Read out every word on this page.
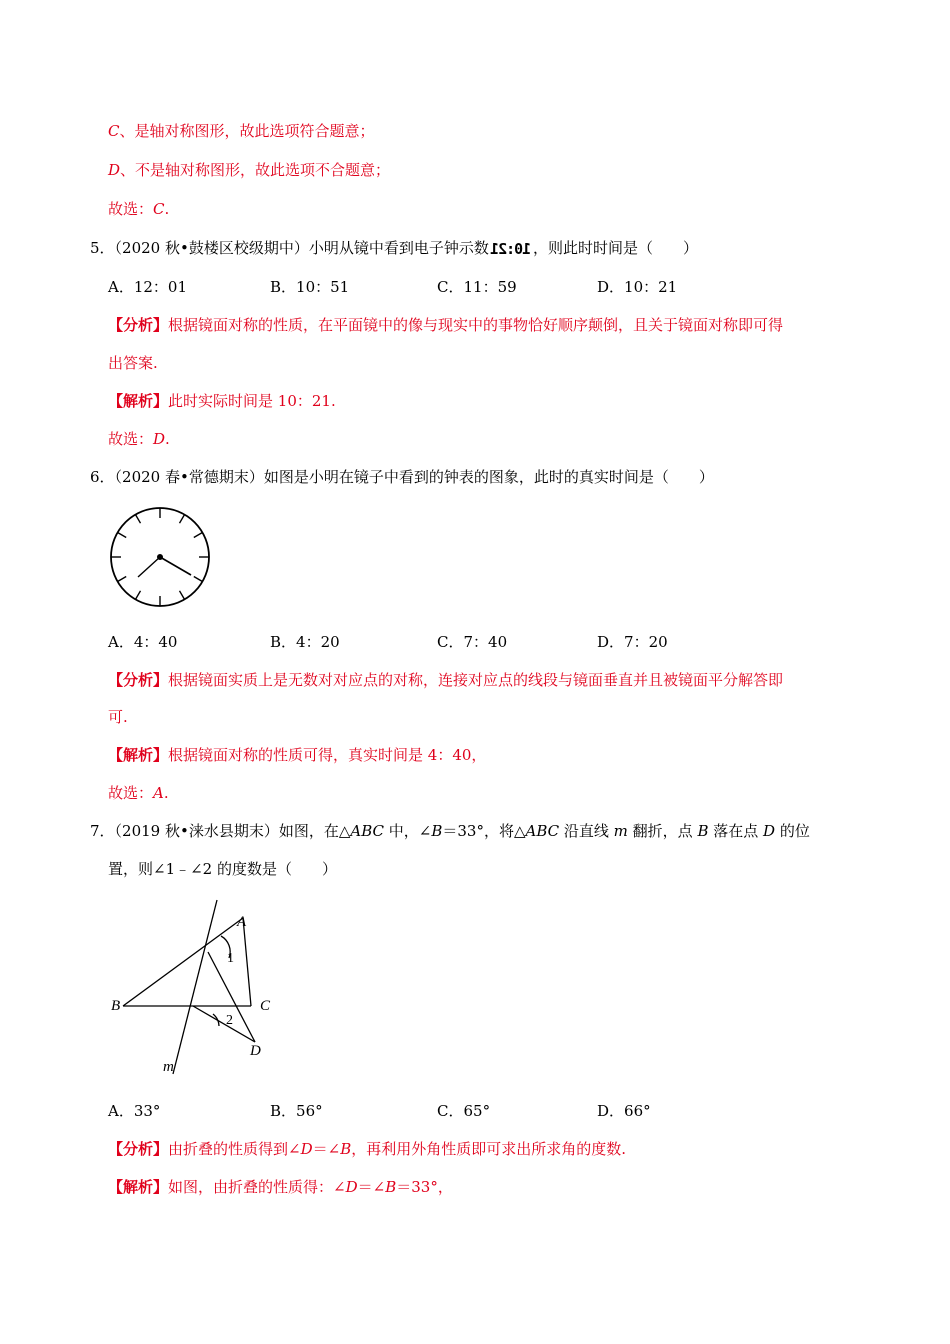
C、是轴对称图形，故此选项符合题意；
D、不是轴对称图形，故此选项不合题意；
故选：C.
5．（2020 秋•鼓楼区校级期中）小明从镜中看到电子钟示数 10:21 ，则此时时间是（　　）
A．12：01	B．10：51	C．11：59	D．10：21
【分析】根据镜面对称的性质，在平面镜中的像与现实中的事物恰好顺序颠倒，且关于镜面对称即可得
出答案.
【解析】此时实际时间是 10：21.
故选：D.
6．（2020 春•常德期末）如图是小明在镜子中看到的钟表的图象，此时的真实时间是（　　）
A．4：40	B．4：20	C．7：40	D．7：20
【分析】根据镜面实质上是无数对对应点的对称，连接对应点的线段与镜面垂直并且被镜面平分解答即
可.
【解析】根据镜面对称的性质可得，真实时间是 4：40，
故选：A.
7．（2019 秋•涞水县期末）如图，在△ABC 中，∠B＝33°，将△ABC 沿直线 m 翻折，点 B 落在点 D 的位
置，则∠1﹣∠2 的度数是（　　）
A
B	C
D
m
1
2
A．33°	B．56°	C．65°	D．66°
【分析】由折叠的性质得到∠D＝∠B，再利用外角性质即可求出所求角的度数.
【解析】如图，由折叠的性质得：∠D＝∠B＝33°，
